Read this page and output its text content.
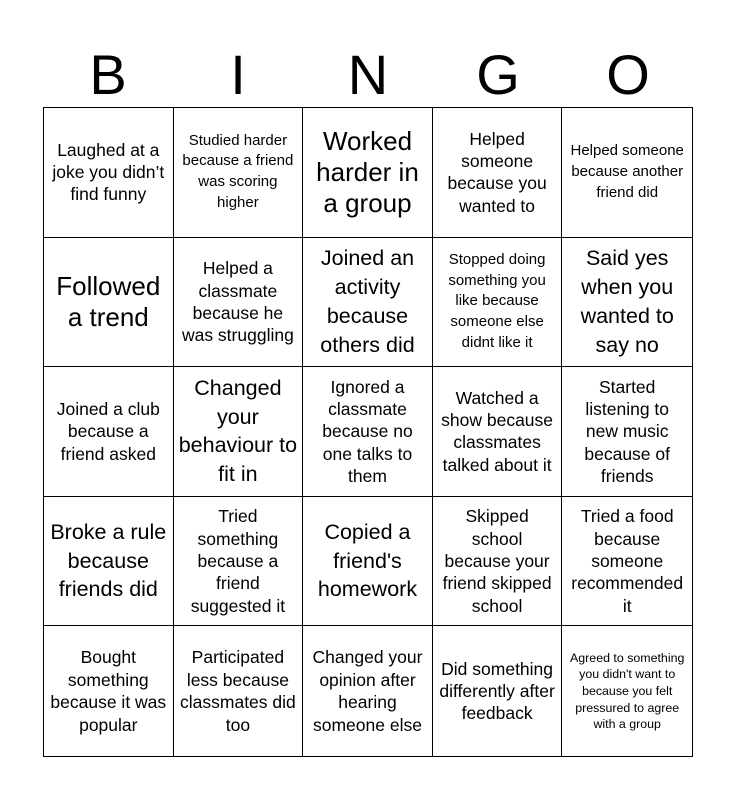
B	I	N	G	O
Laughed at a joke you didn’t find funny
Studied harder because a friend was scoring higher
Worked harder in a group
Helped someone because you wanted to
Helped someone because another friend did
Followed a trend
Helped a classmate because he was struggling
Joined an activity because others did
Stopped doing something you like because someone else didnt like it
Said yes when you wanted to say no
Joined a club because a friend asked
Changed your behaviour to fit in
Ignored a classmate because no one talks to them
Watched a show because classmates talked about it
Started listening to new music because of friends
Broke a rule because friends did
Tried something because a friend suggested it
Copied a friend's homework
Skipped school because your friend skipped school
Tried a food because someone recommended it
Bought something because it was popular
Participated less because classmates did too
Changed your opinion after hearing someone else
Did something differently after feedback
Agreed to something you didn't want to because you felt pressured to agree with a group
